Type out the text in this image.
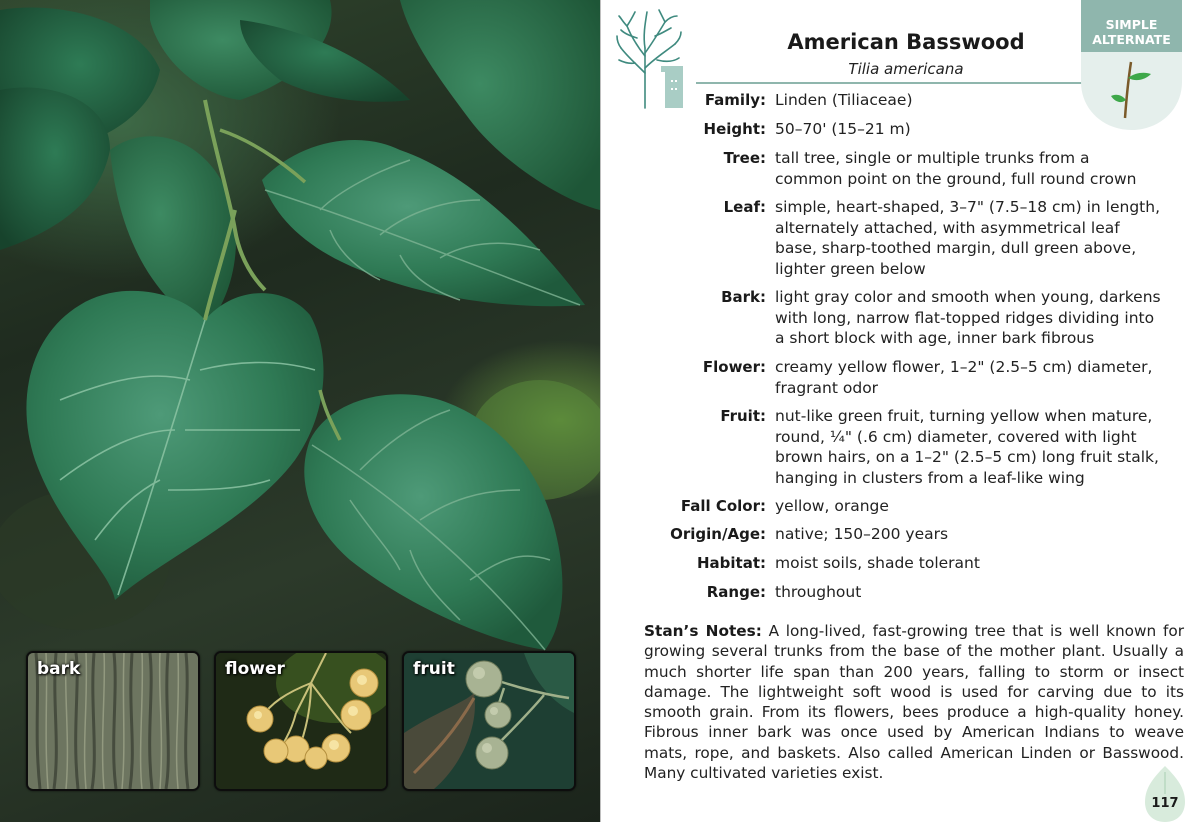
bark	flower	fruit
American Basswood
Tilia americana
SIMPLE
ALTERNATE
Family: Linden (Tiliaceae)
Height: 50–70' (15–21 m)
Tree: tall tree, single or multiple trunks from a
common point on the ground, full round crown
Leaf: simple, heart-shaped, 3–7" (7.5–18 cm) in length,
alternately attached, with asymmetrical leaf
base, sharp-toothed margin, dull green above,
lighter green below
Bark: light gray color and smooth when young, darkens
with long, narrow flat-topped ridges dividing into
a short block with age, inner bark fibrous
Flower: creamy yellow flower, 1–2" (2.5–5 cm) diameter,
fragrant odor
Fruit: nut-like green fruit, turning yellow when mature,
round, ¼" (.6 cm) diameter, covered with light
brown hairs, on a 1–2" (2.5–5 cm) long fruit stalk,
hanging in clusters from a leaf-like wing
Fall Color: yellow, orange
Origin/Age: native; 150–200 years
Habitat: moist soils, shade tolerant
Range: throughout
Stan’s Notes: A long-lived, fast-growing tree that is well known for growing several trunks from the base of the mother plant. Usually a much shorter life span than 200 years, falling to storm or insect damage. The lightweight soft wood is used for carving due to its smooth grain. From its flowers, bees produce a high-quality honey. Fibrous inner bark was once used by American Indians to weave mats, rope, and baskets. Also called American Linden or Basswood. Many cultivated varieties exist.
117
